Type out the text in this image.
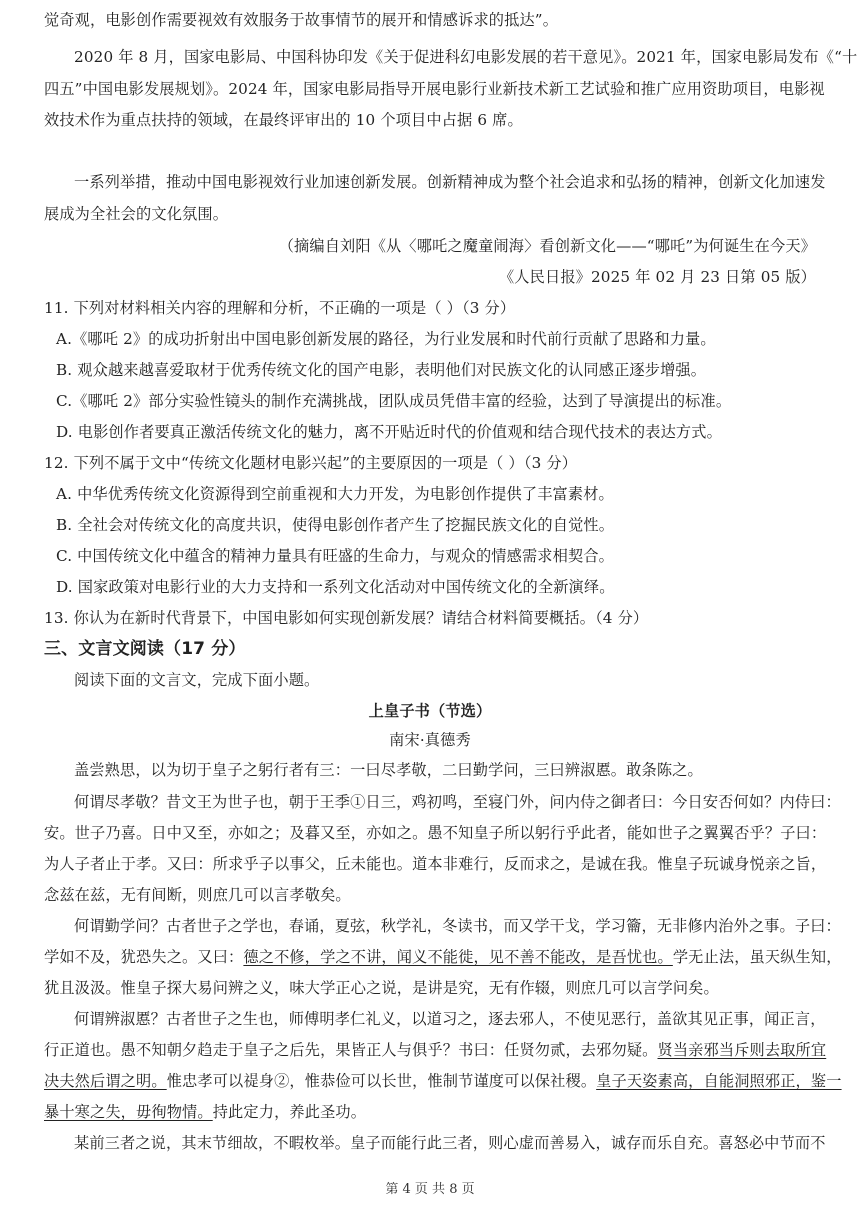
觉奇观，电影创作需要视效有效服务于故事情节的展开和情感诉求的抵达”。
2020 年 8 月，国家电影局、中国科协印发《关于促进科幻电影发展的若干意见》。2021 年，国家电影局发布《“十
四五”中国电影发展规划》。2024 年，国家电影局指导开展电影行业新技术新工艺试验和推广应用资助项目，电影视
效技术作为重点扶持的领域，在最终评审出的 10 个项目中占据 6 席。
一系列举措，推动中国电影视效行业加速创新发展。创新精神成为整个社会追求和弘扬的精神，创新文化加速发
展成为全社会的文化氛围。
（摘编自刘阳《从〈哪吒之魔童闹海〉看创新文化——“哪吒”为何诞生在今天》
《人民日报》2025 年 02 月 23 日第 05 版）
11. 下列对材料相关内容的理解和分析，不正确的一项是（ ）（3 分）
A.《哪吒 2》的成功折射出中国电影创新发展的路径，为行业发展和时代前行贡献了思路和力量。
B. 观众越来越喜爱取材于优秀传统文化的国产电影，表明他们对民族文化的认同感正逐步增强。
C.《哪吒 2》部分实验性镜头的制作充满挑战，团队成员凭借丰富的经验，达到了导演提出的标准。
D. 电影创作者要真正激活传统文化的魅力，离不开贴近时代的价值观和结合现代技术的表达方式。
12. 下列不属于文中“传统文化题材电影兴起”的主要原因的一项是（ ）（3 分）
A. 中华优秀传统文化资源得到空前重视和大力开发，为电影创作提供了丰富素材。
B. 全社会对传统文化的高度共识，使得电影创作者产生了挖掘民族文化的自觉性。
C. 中国传统文化中蕴含的精神力量具有旺盛的生命力，与观众的情感需求相契合。
D. 国家政策对电影行业的大力支持和一系列文化活动对中国传统文化的全新演绎。
13. 你认为在新时代背景下，中国电影如何实现创新发展？请结合材料简要概括。（4 分）
三、文言文阅读（17 分）
阅读下面的文言文，完成下面小题。
上皇子书（节选）
南宋·真德秀
盖尝熟思，以为切于皇子之躬行者有三：一曰尽孝敬，二曰勤学问，三曰辨淑慝。敢条陈之。
何谓尽孝敬？昔文王为世子也，朝于王季①日三，鸡初鸣，至寝门外，问内侍之御者曰：今日安否何如？内侍曰：
安。世子乃喜。日中又至，亦如之；及暮又至，亦如之。愚不知皇子所以躬行乎此者，能如世子之翼翼否乎？子曰：
为人子者止于孝。又曰：所求乎子以事父，丘未能也。道本非难行，反而求之，是诚在我。惟皇子玩诚身悦亲之旨，
念兹在兹，无有间断，则庶几可以言孝敬矣。
何谓勤学问？古者世子之学也，春诵，夏弦，秋学礼，冬读书，而又学干戈，学习籥，无非修内治外之事。子曰：
学如不及，犹恐失之。又曰：德之不修，学之不讲，闻义不能徙，见不善不能改，是吾忧也。学无止法，虽天纵生知，
犹且汲汲。惟皇子探大易问辨之义，味大学正心之说，是讲是究，无有作辍，则庶几可以言学问矣。
何谓辨淑慝？古者世子之生也，师傅明孝仁礼义，以道习之，逐去邪人，不使见恶行，盖欲其见正事，闻正言，
行正道也。愚不知朝夕趋走于皇子之后先，果皆正人与俱乎？书曰：任贤勿贰，去邪勿疑。贤当亲邪当斥则去取所宜
决夫然后谓之明。惟忠孝可以禔身②，惟恭俭可以长世，惟制节谨度可以保社稷。皇子天姿素高，自能洞照邪正，鉴一
暴十寒之失，毋徇物情。持此定力，养此圣功。
某前三者之说，其末节细故，不暇枚举。皇子而能行此三者，则心虚而善易入，诚存而乐自充。喜怒必中节而不
第 4 页 共 8 页
